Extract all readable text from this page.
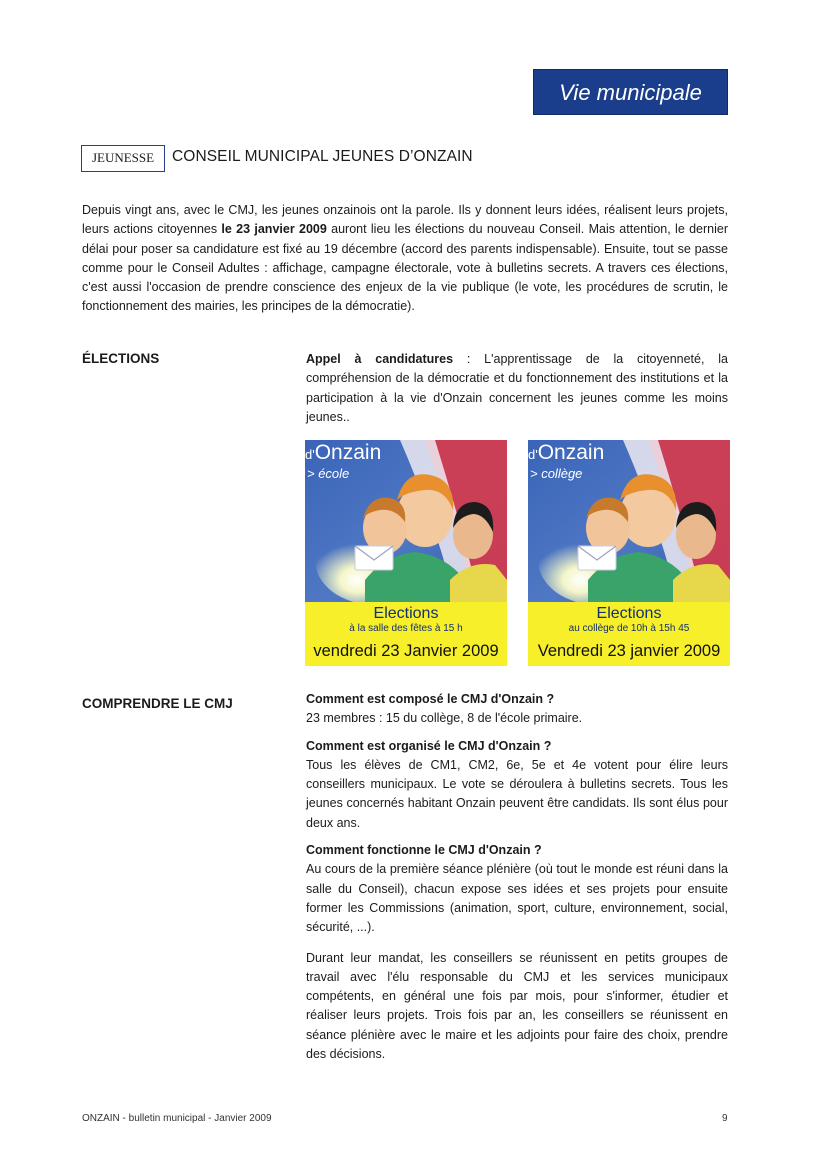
Vie municipale
JEUNESSE	CONSEIL MUNICIPAL JEUNES D’ONZAIN
Depuis vingt ans, avec le CMJ, les jeunes onzainois ont la parole. Ils y donnent leurs idées, réalisent leurs projets, leurs actions citoyennes le 23 janvier 2009 auront lieu les élections du nouveau Conseil. Mais attention, le dernier délai pour poser sa candidature est fixé au 19 décembre (accord des parents indispensable). Ensuite, tout se passe comme pour le Conseil Adultes : affichage, campagne électorale, vote à bulletins secrets. A travers ces élections, c'est aussi l'occasion de prendre conscience des enjeux de la vie publique (le vote, les procédures de scrutin, le fonctionnement des mairies, les principes de la démocratie).
ÉLECTIONS	Appel à candidatures : L'apprentissage de la citoyenneté, la compréhension de la démocratie et du fonctionnement des institutions et la participation à la vie d'Onzain concernent les jeunes comme les moins jeunes..
d'Onzain
> école
Elections
à la salle des fêtes à 15 h
vendredi 23 Janvier 2009
d'Onzain
> collège
Elections
au collège de 10h à 15h 45
Vendredi 23 janvier 2009
COMPRENDRE LE CMJ	Comment est composé le CMJ d'Onzain ?

23 membres : 15 du collège, 8 de l'école primaire.

Comment est organisé le CMJ d'Onzain ?

Tous les élèves de CM1, CM2, 6e, 5e et 4e votent pour élire leurs conseillers municipaux. Le vote se déroulera à bulletins secrets. Tous les jeunes concernés habitant Onzain peuvent être candidats. Ils sont élus pour deux ans.

Comment fonctionne le CMJ d'Onzain ?

Au cours de la première séance plénière (où tout le monde est réuni dans la salle du Conseil), chacun expose ses idées et ses projets pour ensuite former les Commissions (animation, sport, culture, environnement, social, sécurité, ...).

Durant leur mandat, les conseillers se réunissent en petits groupes de travail avec l'élu responsable du CMJ et les services municipaux compétents, en général une fois par mois, pour s'informer, étudier et réaliser leurs projets. Trois fois par an, les conseillers se réunissent en séance plénière avec le maire et les adjoints pour faire des choix, prendre des décisions.

ONZAIN - bulletin municipal - Janvier 2009	9
